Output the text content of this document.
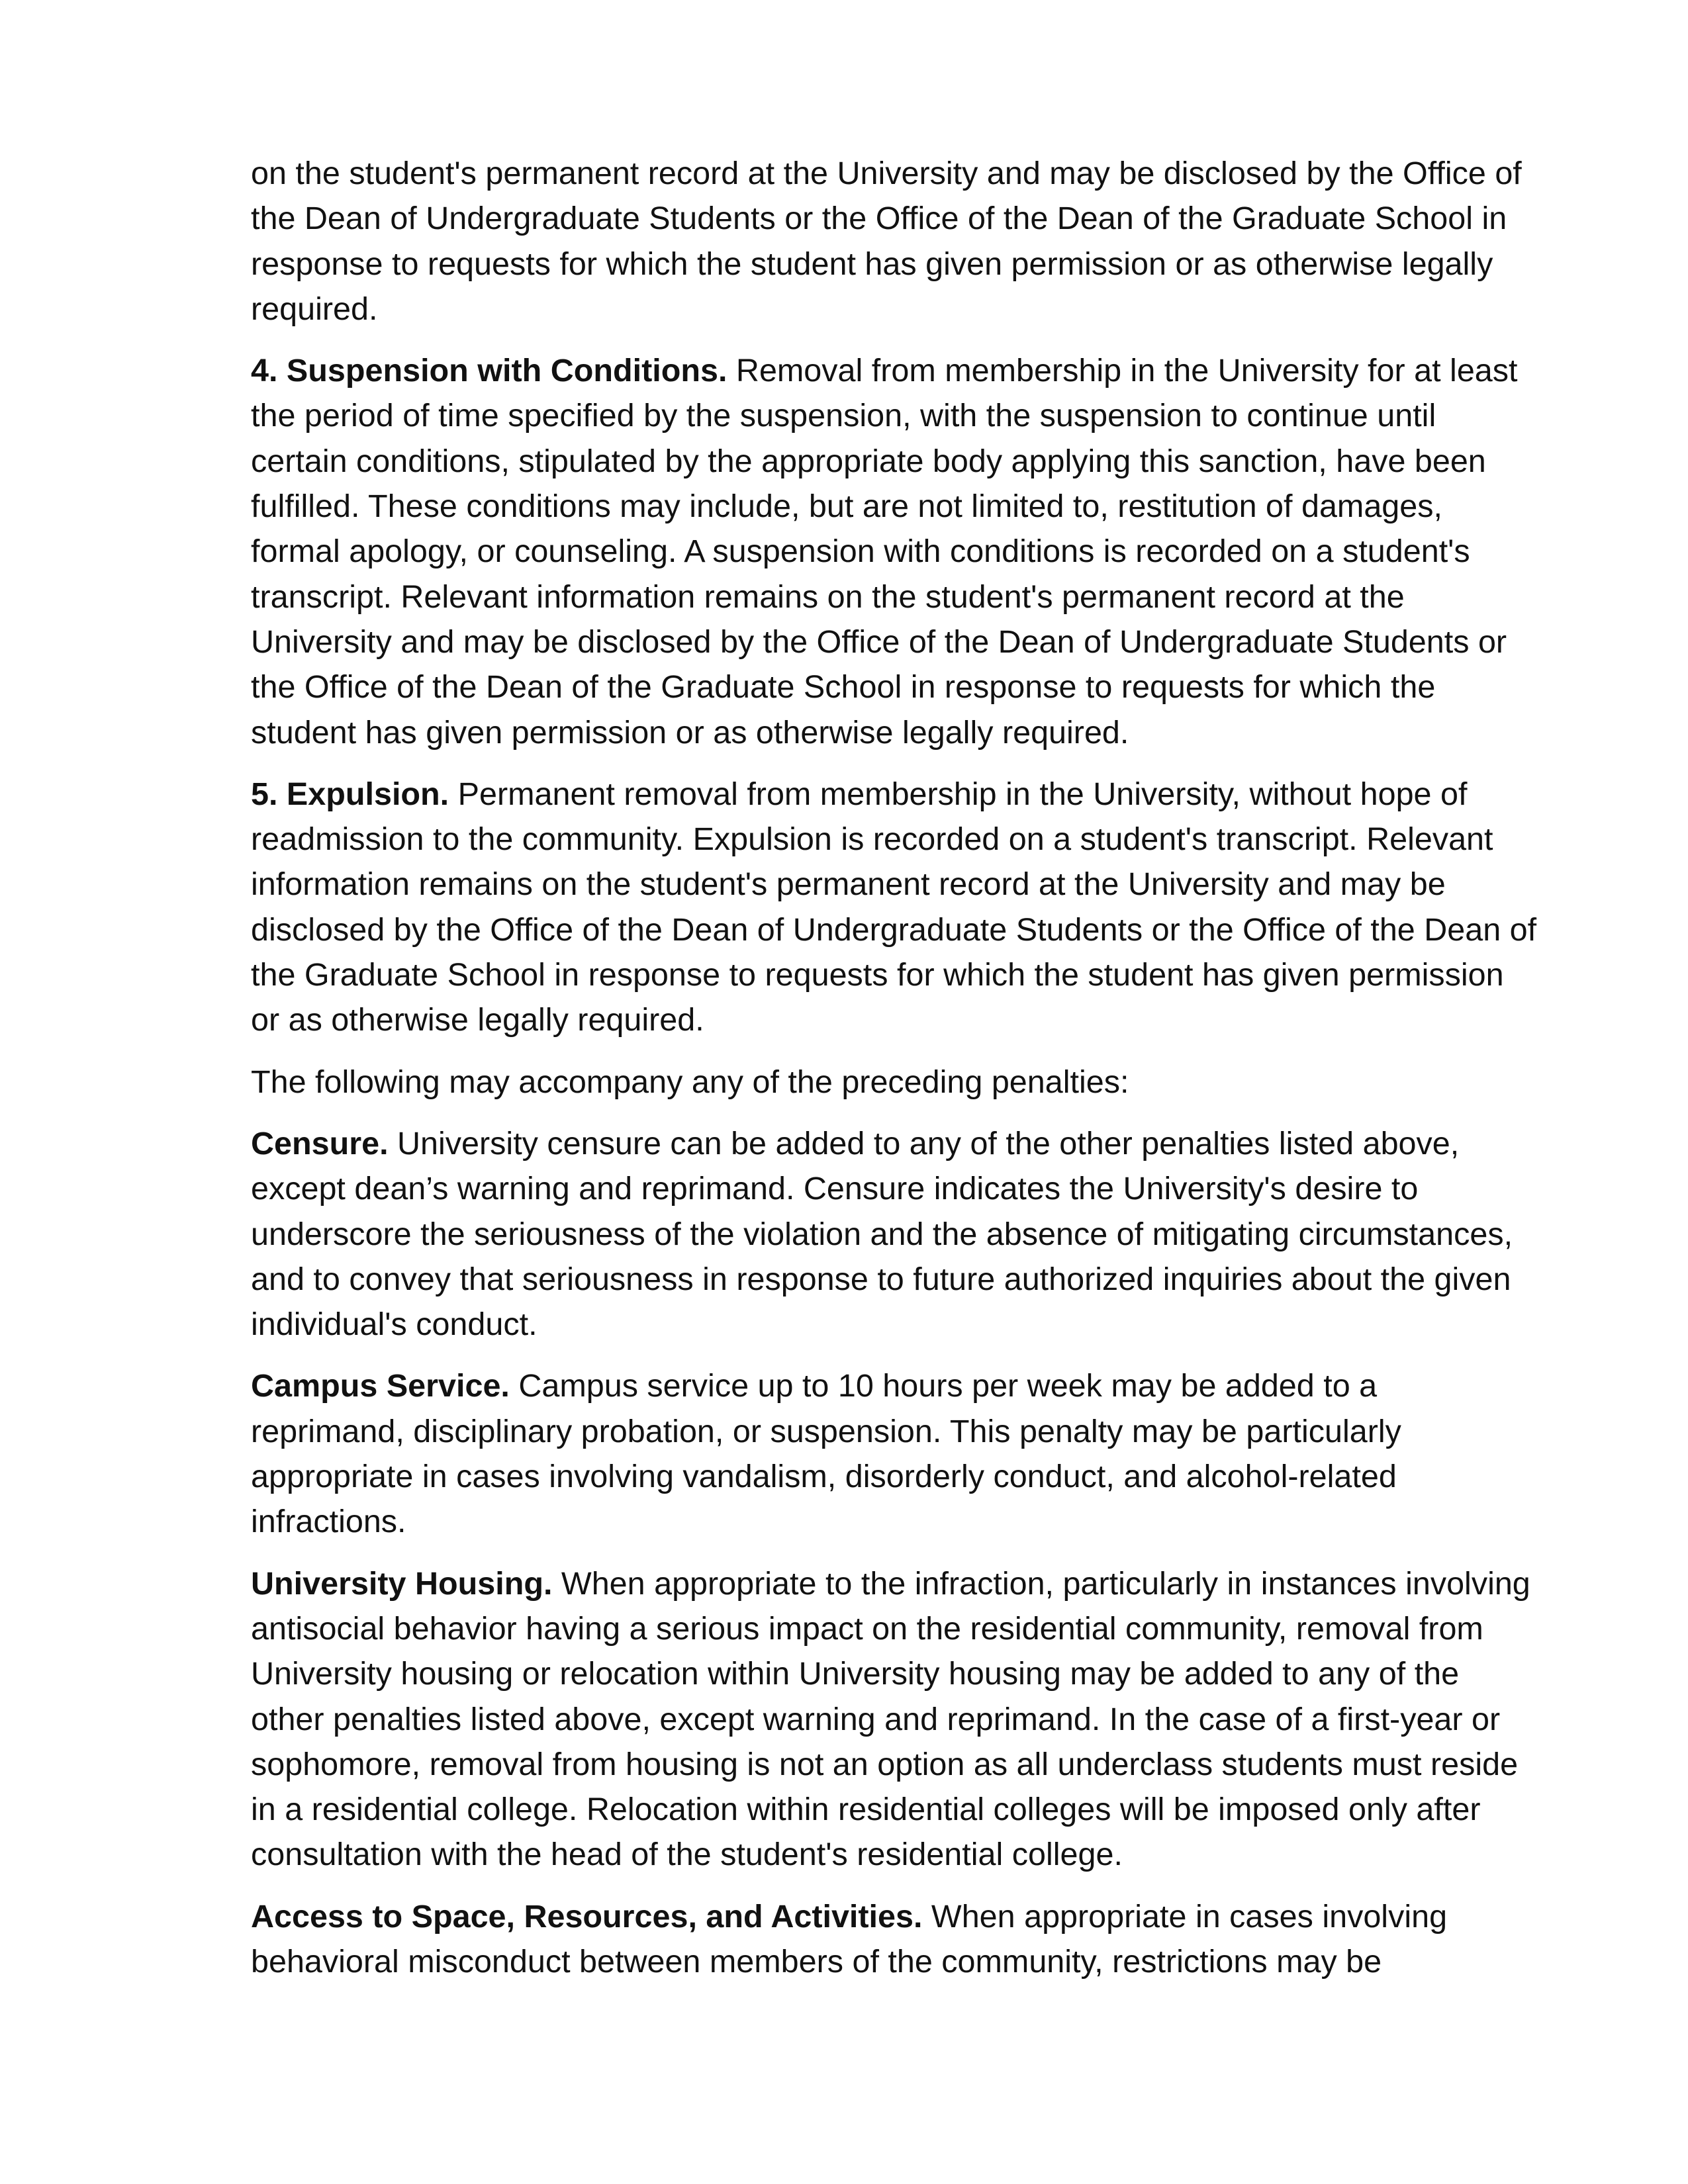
on the student's permanent record at the University and may be disclosed by the Office of the Dean of Undergraduate Students or the Office of the Dean of the Graduate School in response to requests for which the student has given permission or as otherwise legally required.

4. Suspension with Conditions. Removal from membership in the University for at least the period of time specified by the suspension, with the suspension to continue until certain conditions, stipulated by the appropriate body applying this sanction, have been fulfilled. These conditions may include, but are not limited to, restitution of damages, formal apology, or counseling. A suspension with conditions is recorded on a student's transcript. Relevant information remains on the student's permanent record at the University and may be disclosed by the Office of the Dean of Undergraduate Students or the Office of the Dean of the Graduate School in response to requests for which the student has given permission or as otherwise legally required.

5. Expulsion. Permanent removal from membership in the University, without hope of readmission to the community. Expulsion is recorded on a student's transcript. Relevant information remains on the student's permanent record at the University and may be disclosed by the Office of the Dean of Undergraduate Students or the Office of the Dean of the Graduate School in response to requests for which the student has given permission or as otherwise legally required.

The following may accompany any of the preceding penalties:

Censure. University censure can be added to any of the other penalties listed above, except dean’s warning and reprimand. Censure indicates the University's desire to underscore the seriousness of the violation and the absence of mitigating circumstances, and to convey that seriousness in response to future authorized inquiries about the given individual's conduct.

Campus Service. Campus service up to 10 hours per week may be added to a reprimand, disciplinary probation, or suspension. This penalty may be particularly appropriate in cases involving vandalism, disorderly conduct, and alcohol-related infractions.

University Housing. When appropriate to the infraction, particularly in instances involving antisocial behavior having a serious impact on the residential community, removal from University housing or relocation within University housing may be added to any of the other penalties listed above, except warning and reprimand. In the case of a first-year or sophomore, removal from housing is not an option as all underclass students must reside in a residential college. Relocation within residential colleges will be imposed only after consultation with the head of the student's residential college.

Access to Space, Resources, and Activities. When appropriate in cases involving behavioral misconduct between members of the community, restrictions may be
